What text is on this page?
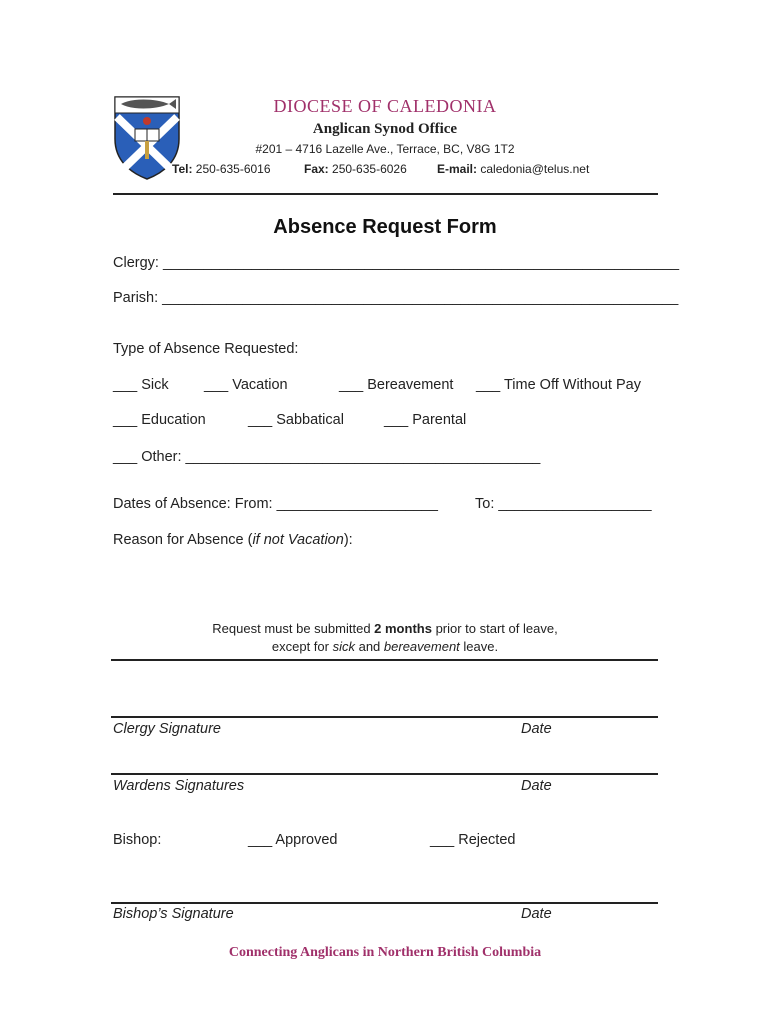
DIOCESE OF CALEDONIA
Anglican Synod Office
#201 – 4716 Lazelle Ave., Terrace, BC, V8G 1T2
Tel: 250-635-6016	Fax: 250-635-6026	E-mail: caledonia@telus.net
Absence Request Form
Clergy: ________________________________________________________________
Parish: ________________________________________________________________
Type of Absence Requested:
___ Sick ___ Vacation	___ Bereavement ___ Time Off Without Pay
___ Education	___ Sabbatical	___ Parental
___ Other: ____________________________________________
Dates of Absence: From: ____________________	To: ___________________
Reason for Absence (if not Vacation):
Request must be submitted 2 months prior to start of leave,
except for sick and bereavement leave.
Clergy Signature	Date
Wardens Signatures	Date
Bishop:	___ Approved	___ Rejected
Bishop’s Signature	Date
Connecting Anglicans in Northern British Columbia
